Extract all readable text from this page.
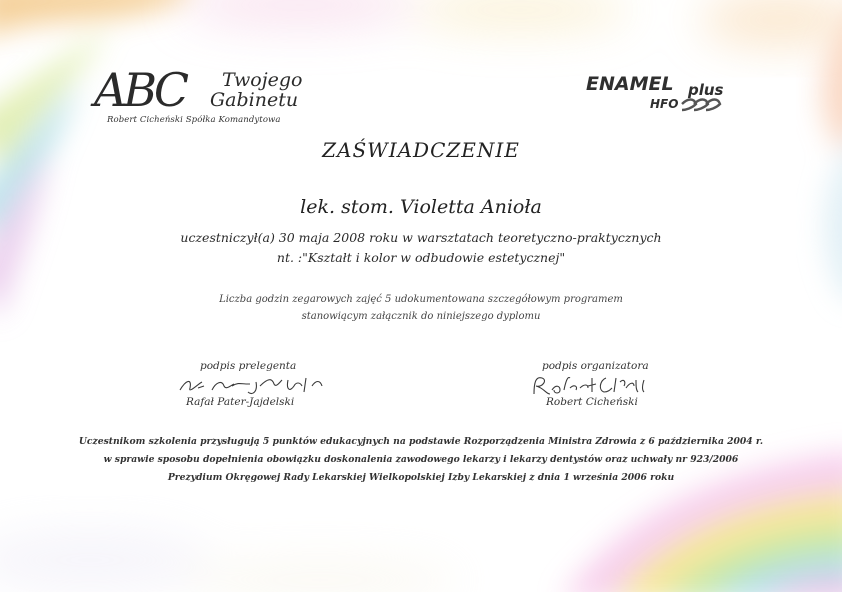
ABC Twojego
Gabinetu
Robert Cicheński Spółka Komandytowa
ENAMEL plus
HFO
ZAŚWIADCZENIE
lek. stom. Violetta Anioła
uczestniczył(a) 30 maja 2008 roku w warsztatach teoretyczno-praktycznych
nt. :"Kształt i kolor w odbudowie estetycznej"
Liczba godzin zegarowych zajęć 5 udokumentowana szczegółowym programem
stanowiącym załącznik do niniejszego dyplomu
podpis prelegenta
Rafał Pater-Jajdelski
podpis organizatora
Robert Cicheński
Uczestnikom szkolenia przysługują 5 punktów edukacyjnych na podstawie Rozporządzenia Ministra Zdrowia z 6 października 2004 r.
w sprawie sposobu dopełnienia obowiązku doskonalenia zawodowego lekarzy i lekarzy dentystów oraz uchwały nr 923/2006
Prezydium Okręgowej Rady Lekarskiej Wielkopolskiej Izby Lekarskiej z dnia 1 września 2006 roku
